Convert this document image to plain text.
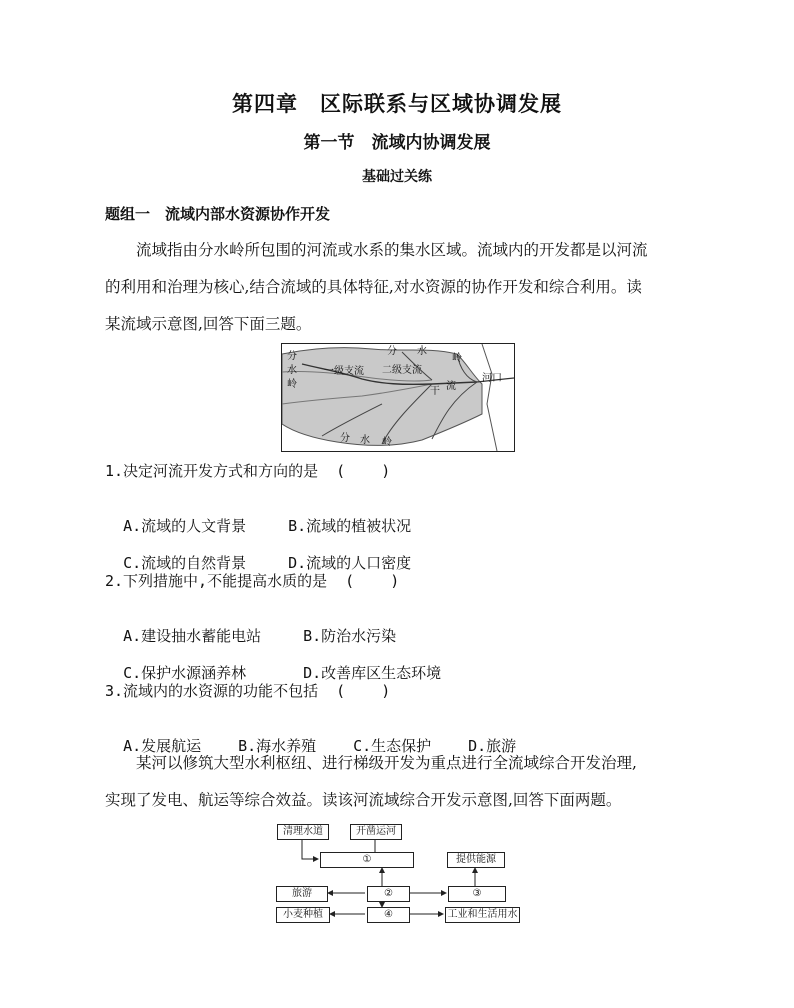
第四章　区际联系与区域协调发展
第一节　流域内协调发展
基础过关练
题组一　流域内部水资源协作开发
流域指由分水岭所包围的河流或水系的集水区域。流域内的开发都是以河流
的利用和治理为核心,结合流域的具体特征,对水资源的协作开发和综合利用。读
某流域示意图,回答下面三题。
分
水
岭
分 水
岭
一级支流 二级支流
干 流
河口
分 水 岭
1.决定河流开发方式和方向的是  (    )

A.流域的人文背景	B.流域的植被状况

C.流域的自然背景	D.流域的人口密度

2.下列措施中,不能提高水质的是  (    )

A.建设抽水蓄能电站	B.防治水污染

C.保护水源涵养林	D.改善库区生态环境

3.流域内的水资源的功能不包括  (    )

A.发展航运 B.海水养殖 C.生态保护 D.旅游

某河以修筑大型水利枢纽、进行梯级开发为重点进行全流域综合开发治理,
实现了发电、航运等综合效益。读该河流域综合开发示意图,回答下面两题。
清理水道	开凿运河
①	提供能源
旅游	②	③
小麦种植	④	工业和生活用水
